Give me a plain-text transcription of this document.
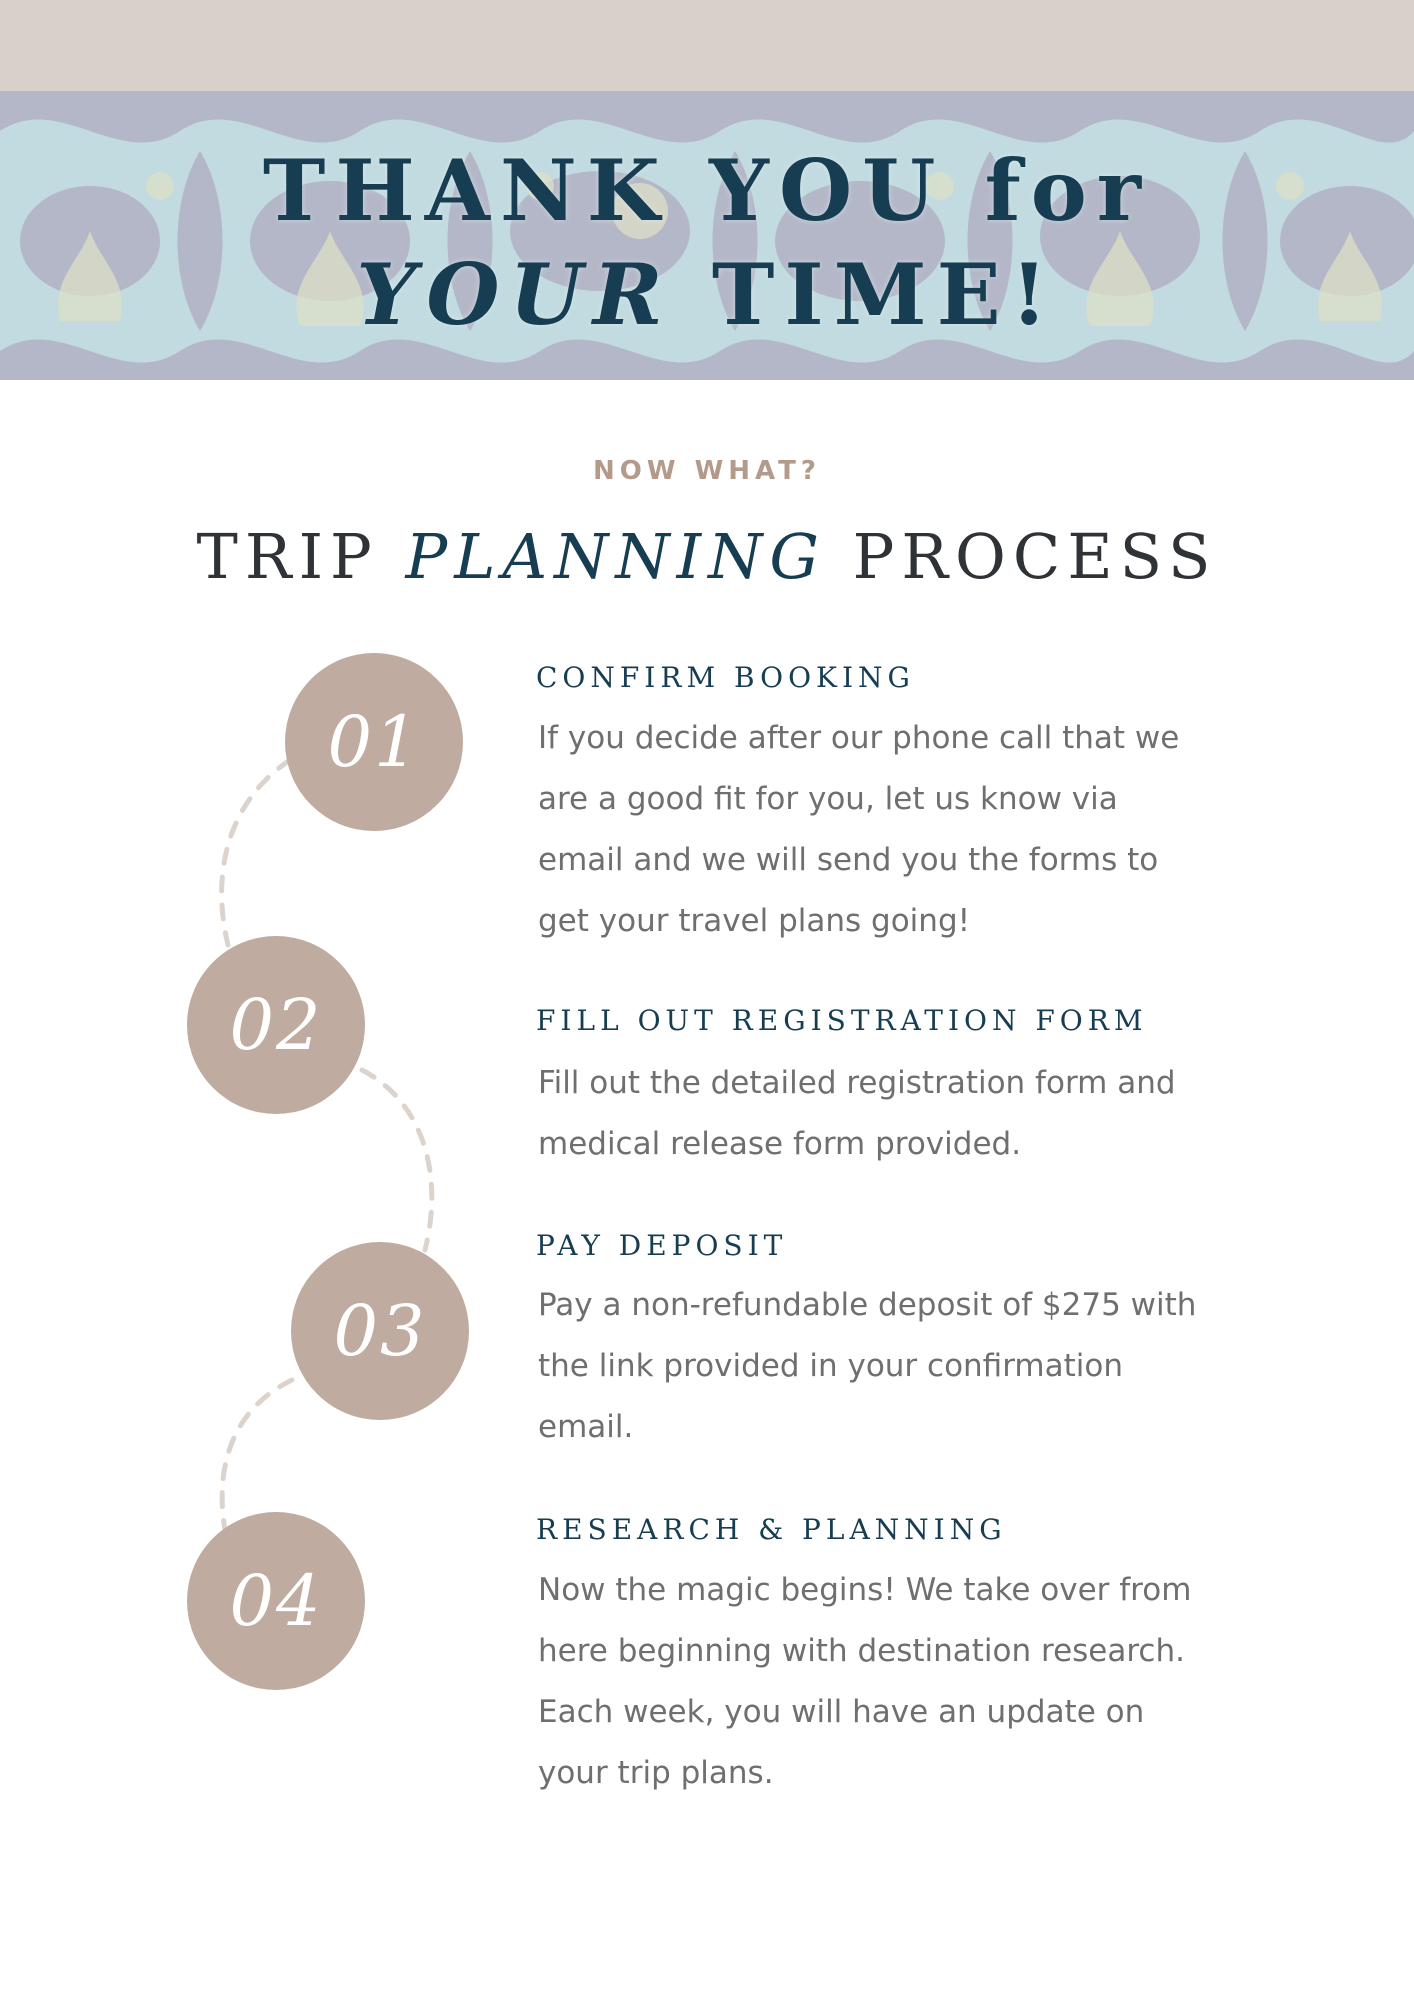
THANK YOU for
YOUR TIME!
NOW WHAT?
TRIP PLANNING PROCESS
01
CONFIRM BOOKING
If you decide after our phone call that we are a good fit for you, let us know via email and we will send you the forms to get your travel plans going!
02	FILL OUT REGISTRATION FORM
Fill out the detailed registration form and medical release form provided.
03
PAY DEPOSIT
Pay a non-refundable deposit of $275 with the link provided in your confirmation email.
04
RESEARCH & PLANNING
Now the magic begins! We take over from here beginning with destination research. Each week, you will have an update on your trip plans.
